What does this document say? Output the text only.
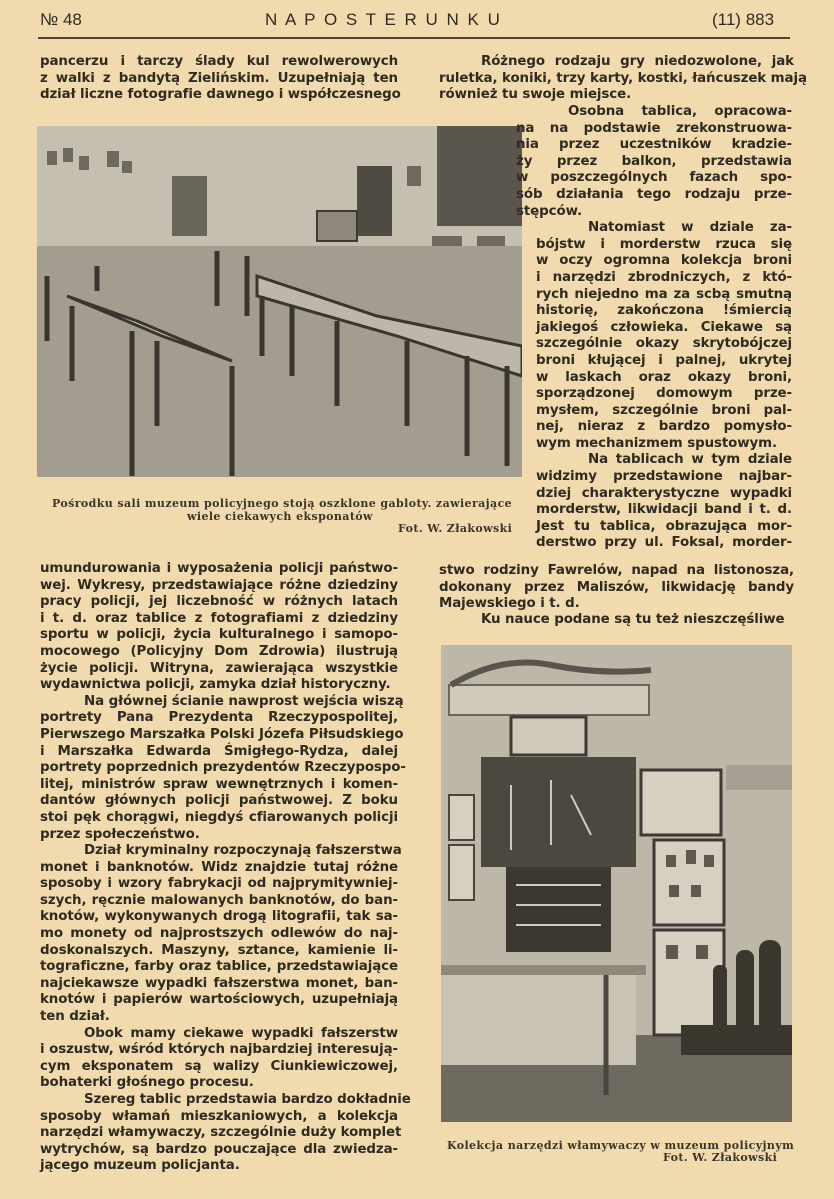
№ 48	N A P O S T E R U N K U	(11) 883
pancerzu i tarczy ślady kul rewolwerowych
z walki z bandytą Zielińskim. Uzupełniają ten
dział liczne fotografie dawnego i współczesnego
Pośrodku sali muzeum policyjnego stoją oszklone gabloty. zawierające
wiele ciekawych eksponatów
Fot. W. Złakowski
umundurowania i wyposażenia policji państwo-
wej. Wykresy, przedstawiające różne dziedziny
pracy policji, jej liczebność w różnych latach
i t. d. oraz tablice z fotografiami z dziedziny
sportu w policji, życia kulturalnego i samopo-
mocowego (Policyjny Dom Zdrowia) ilustrują
życie policji. Witryna, zawierająca wszystkie
wydawnictwa policji, zamyka dział historyczny.
Na głównej ścianie nawprost wejścia wiszą
portrety Pana Prezydenta Rzeczypospolitej,
Pierwszego Marszałka Polski Józefa Piłsudskiego
i Marszałka Edwarda Śmigłego-Rydza, dalej
portrety poprzednich prezydentów Rzeczypospo-
litej, ministrów spraw wewnętrznych i komen-
dantów głównych policji państwowej. Z boku
stoi pęk chorągwi, niegdyś cfiarowanych policji
przez społeczeństwo.
Dział kryminalny rozpoczynają fałszerstwa
monet i banknotów. Widz znajdzie tutaj różne
sposoby i wzory fabrykacji od najprymitywniej-
szych, ręcznie malowanych banknotów, do ban-
knotów, wykonywanych drogą litografii, tak sa-
mo monety od najprostszych odlewów do naj-
doskonalszych. Maszyny, sztance, kamienie li-
tograficzne, farby oraz tablice, przedstawiające
najciekawsze wypadki fałszerstwa monet, ban-
knotów i papierów wartościowych, uzupełniają
ten dział.
Obok mamy ciekawe wypadki fałszerstw
i oszustw, wśród których najbardziej interesują-
cym eksponatem są walizy Ciunkiewiczowej,
bohaterki głośnego procesu.
Szereg tablic przedstawia bardzo dokładnie
sposoby włamań mieszkaniowych, a kolekcja
narzędzi włamywaczy, szczególnie duży komplet
wytrychów, są bardzo pouczające dla zwiedza-
jącego muzeum policjanta.
Różnego rodzaju gry niedozwolone, jak
ruletka, koniki, trzy karty, kostki, łańcuszek mają
również tu swoje miejsce.
Osobna tablica, opracowa-
na na podstawie zrekonstruowa-
nia przez uczestników kradzie-
ży przez balkon, przedstawia
w poszczególnych fazach spo-
sób działania tego rodzaju prze-
stępców.
Natomiast w dziale za-
bójstw i morderstw rzuca się
w oczy ogromna kolekcja broni
i narzędzi zbrodniczych, z któ-
rych niejedno ma za scbą smutną
historię, zakończona !śmiercią
jakiegoś człowieka. Ciekawe są
szczególnie okazy skrytobójczej
broni kłującej i palnej, ukrytej
w laskach oraz okazy broni,
sporządzonej domowym prze-
mysłem, szczególnie broni pal-
nej, nieraz z bardzo pomysło-
wym mechanizmem spustowym.
Na tablicach w tym dziale
widzimy przedstawione najbar-
dziej charakterystyczne wypadki
morderstw, likwidacji band i t. d.
Jest tu tablica, obrazująca mor-
derstwo przy ul. Foksal, morder-
stwo rodziny Fawrelów, napad na listonosza,
dokonany przez Maliszów, likwidację bandy
Majewskiego i t. d.
Ku nauce podane są tu też nieszczęśliwe
Kolekcja narzędzi włamywaczy w muzeum policyjnym
Fot. W. Złakowski
